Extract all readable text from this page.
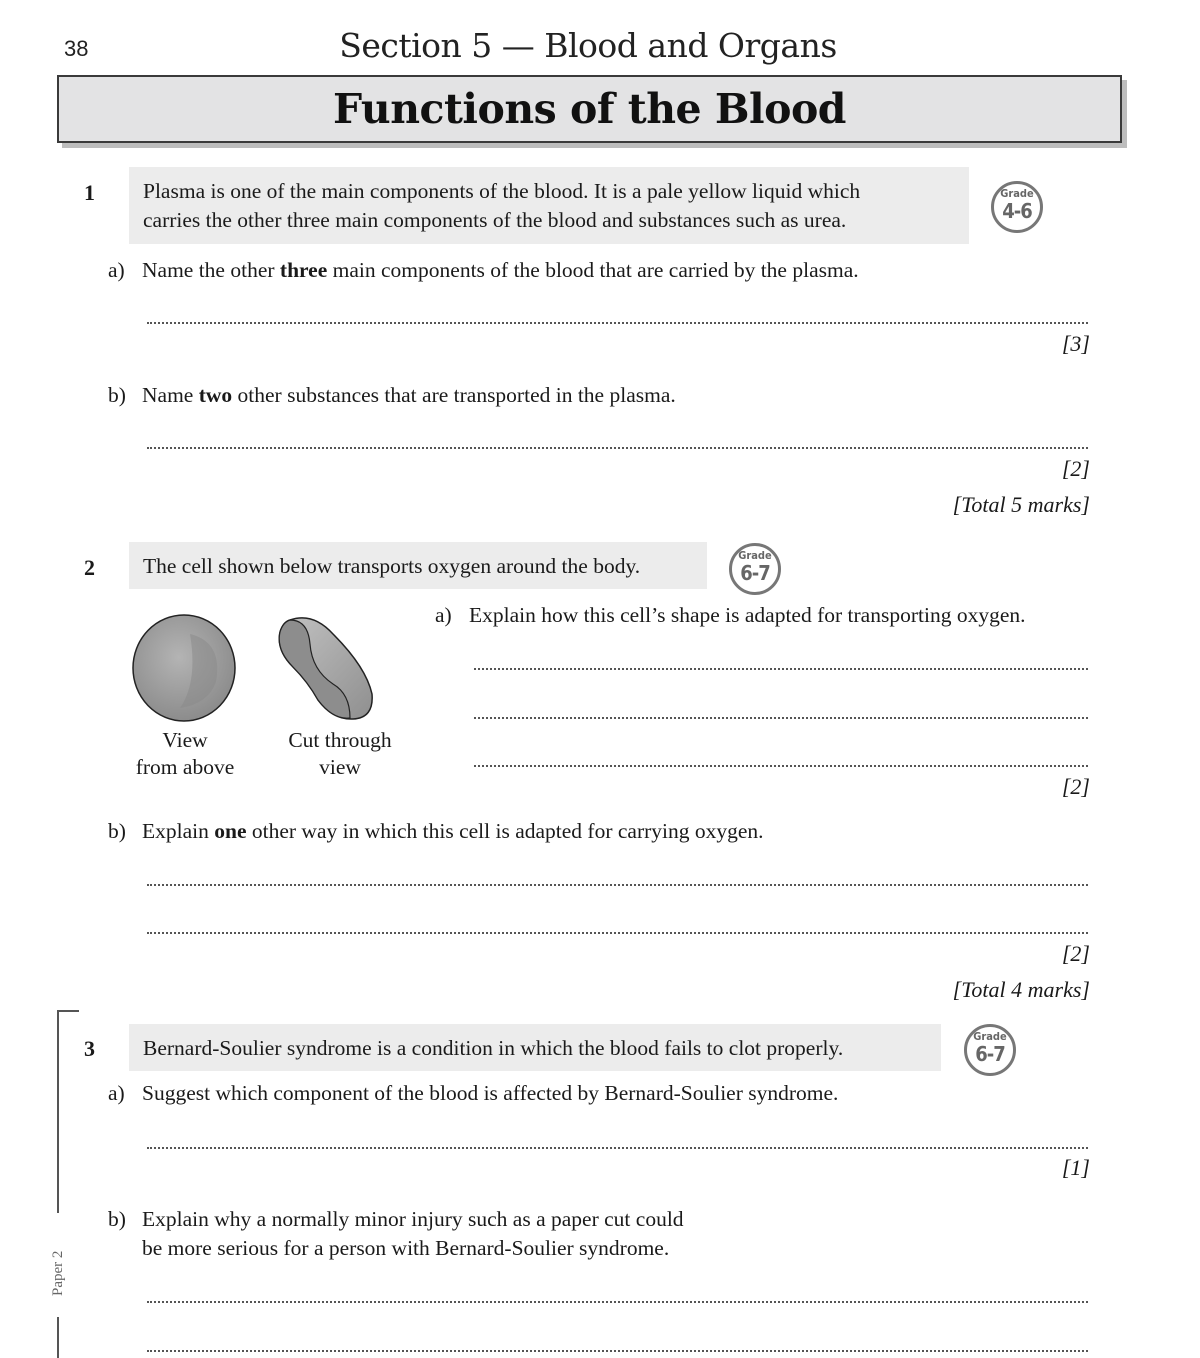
38	Section 5 — Blood and Organs
Functions of the Blood
1 Plasma is one of the main components of the blood. It is a pale yellow liquid which
carries the other three main components of the blood and substances such as urea.
Grade
4-6
a) Name the other three main components of the blood that are carried by the plasma.
[3]
b) Name two other substances that are transported in the plasma.
[2]
[Total 5 marks]
2	The cell shown below transports oxygen around the body.	Grade
6-7
View
from above
Cut through
view
a) Explain how this cell’s shape is adapted for transporting oxygen.
[2]
b) Explain one other way in which this cell is adapted for carrying oxygen.
[2]
[Total 4 marks]
Paper 2
3	Bernard-Soulier syndrome is a condition in which the blood fails to clot properly.	Grade
6-7
a) Suggest which component of the blood is affected by Bernard-Soulier syndrome.
[1]
b) Explain why a normally minor injury such as a paper cut could
be more serious for a person with Bernard-Soulier syndrome.
